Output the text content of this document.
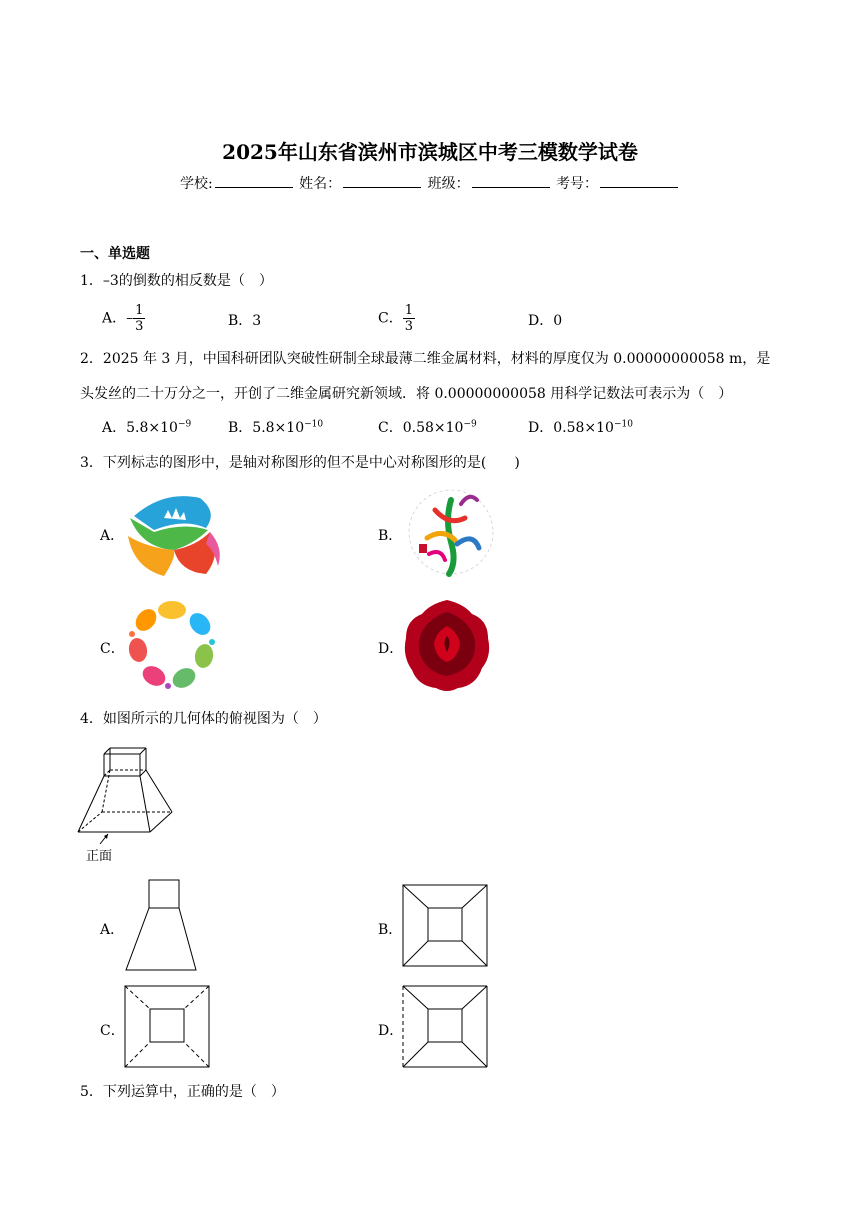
2025年山东省滨州市滨城区中考三模数学试卷
学校:	姓名：	班级：	考号：
一、单选题
1．–3的倒数的相反数是（　）
A．– $\frac{1}{3}$	B．3	C． $\frac{1}{3}$	D．0
2．2025 年 3 月，中国科研团队突破性研制全球最薄二维金属材料，材料的厚度仅为 0.00000000058 m，是
头发丝的二十万分之一，开创了二维金属研究新领域．将 0.00000000058 用科学记数法可表示为（　）
A．$5.8\times 10^{-9}$	B．$5.8\times 10^{-10}$	C．$0.58\times 10^{-9}$	D．$0.58\times 10^{-10}$
3．下列标志的图形中，是轴对称图形的但不是中心对称图形的是(　　)
A．	B．
C．	D．
4．如图所示的几何体的俯视图为（　）
正面
A．	B．
C．	D．
5．下列运算中，正确的是（　）
